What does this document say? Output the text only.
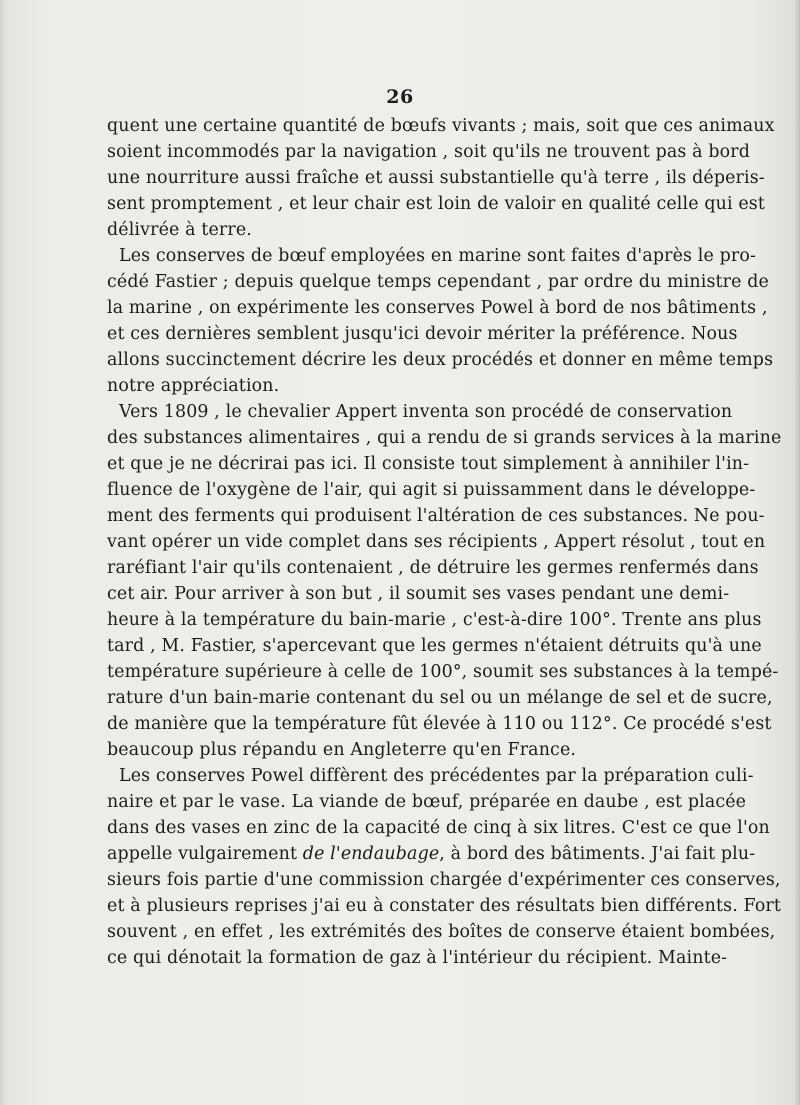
26
quent une certaine quantité de bœufs vivants ; mais, soit que ces animaux
soient incommodés par la navigation , soit qu'ils ne trouvent pas à bord
une nourriture aussi fraîche et aussi substantielle qu'à terre , ils déperis-
sent promptement , et leur chair est loin de valoir en qualité celle qui est
délivrée à terre.
Les conserves de bœuf employées en marine sont faites d'après le pro-
cédé Fastier ; depuis quelque temps cependant , par ordre du ministre de
la marine , on expérimente les conserves Powel à bord de nos bâtiments ,
et ces dernières semblent jusqu'ici devoir mériter la préférence. Nous
allons succinctement décrire les deux procédés et donner en même temps
notre appréciation.
Vers 1809 , le chevalier Appert inventa son procédé de conservation
des substances alimentaires , qui a rendu de si grands services à la marine
et que je ne décrirai pas ici. Il consiste tout simplement à annihiler l'in-
fluence de l'oxygène de l'air, qui agit si puissamment dans le développe-
ment des ferments qui produisent l'altération de ces substances. Ne pou-
vant opérer un vide complet dans ses récipients , Appert résolut , tout en
raréfiant l'air qu'ils contenaient , de détruire les germes renfermés dans
cet air. Pour arriver à son but , il soumit ses vases pendant une demi-
heure à la température du bain-marie , c'est-à-dire 100°. Trente ans plus
tard , M. Fastier, s'apercevant que les germes n'étaient détruits qu'à une
température supérieure à celle de 100°, soumit ses substances à la tempé-
rature d'un bain-marie contenant du sel ou un mélange de sel et de sucre,
de manière que la température fût élevée à 110 ou 112°. Ce procédé s'est
beaucoup plus répandu en Angleterre qu'en France.
Les conserves Powel diffèrent des précédentes par la préparation culi-
naire et par le vase. La viande de bœuf, préparée en daube , est placée
dans des vases en zinc de la capacité de cinq à six litres. C'est ce que l'on
appelle vulgairement de l'endaubage, à bord des bâtiments. J'ai fait plu-
sieurs fois partie d'une commission chargée d'expérimenter ces conserves,
et à plusieurs reprises j'ai eu à constater des résultats bien différents. Fort
souvent , en effet , les extrémités des boîtes de conserve étaient bombées,
ce qui dénotait la formation de gaz à l'intérieur du récipient. Mainte-
